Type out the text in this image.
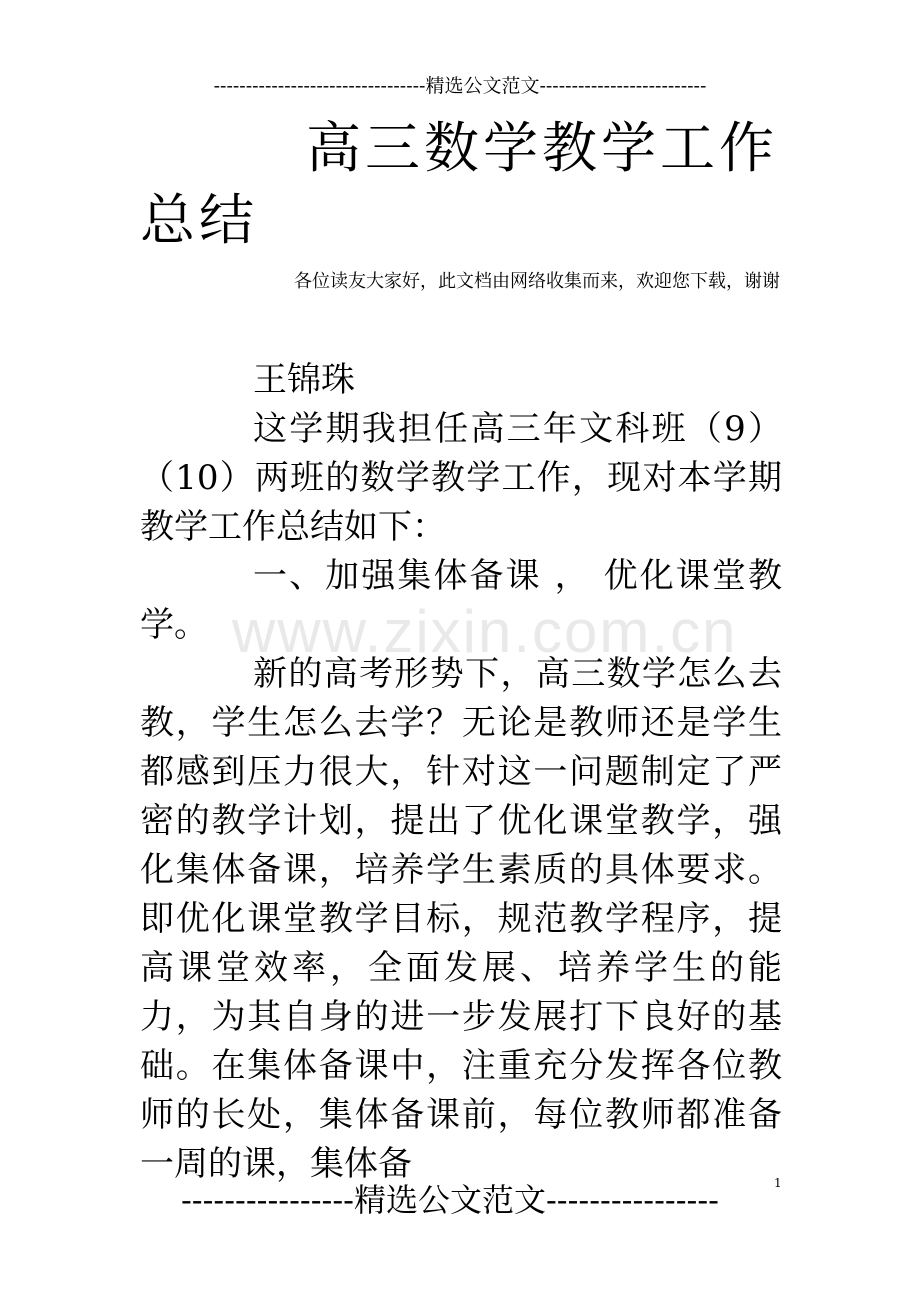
---------------------------------精选公文范文--------------------------
高三数学教学工作总结
各位读友大家好，此文档由网络收集而来，欢迎您下载，谢谢

王锦珠

这学期我担任高三年文科班（9）（10）两班的数学教学工作，现对本学期教学工作总结如下：

一、加强集体备课 ， 优化课堂教学。

新的高考形势下，高三数学怎么去教，学生怎么去学？无论是教师还是学生都感到压力很大，针对这一问题制定了严密的教学计划，提出了优化课堂教学，强化集体备课，培养学生素质的具体要求。即优化课堂教学目标，规范教学程序，提高课堂效率，全面发展、培养学生的能力，为其自身的进一步发展打下良好的基础。在集体备课中，注重充分发挥各位教师的长处，集体备课前，每位教师都准备一周的课，集体备

www.zixin.com.cn
----------------精选公文范文----------------	1
